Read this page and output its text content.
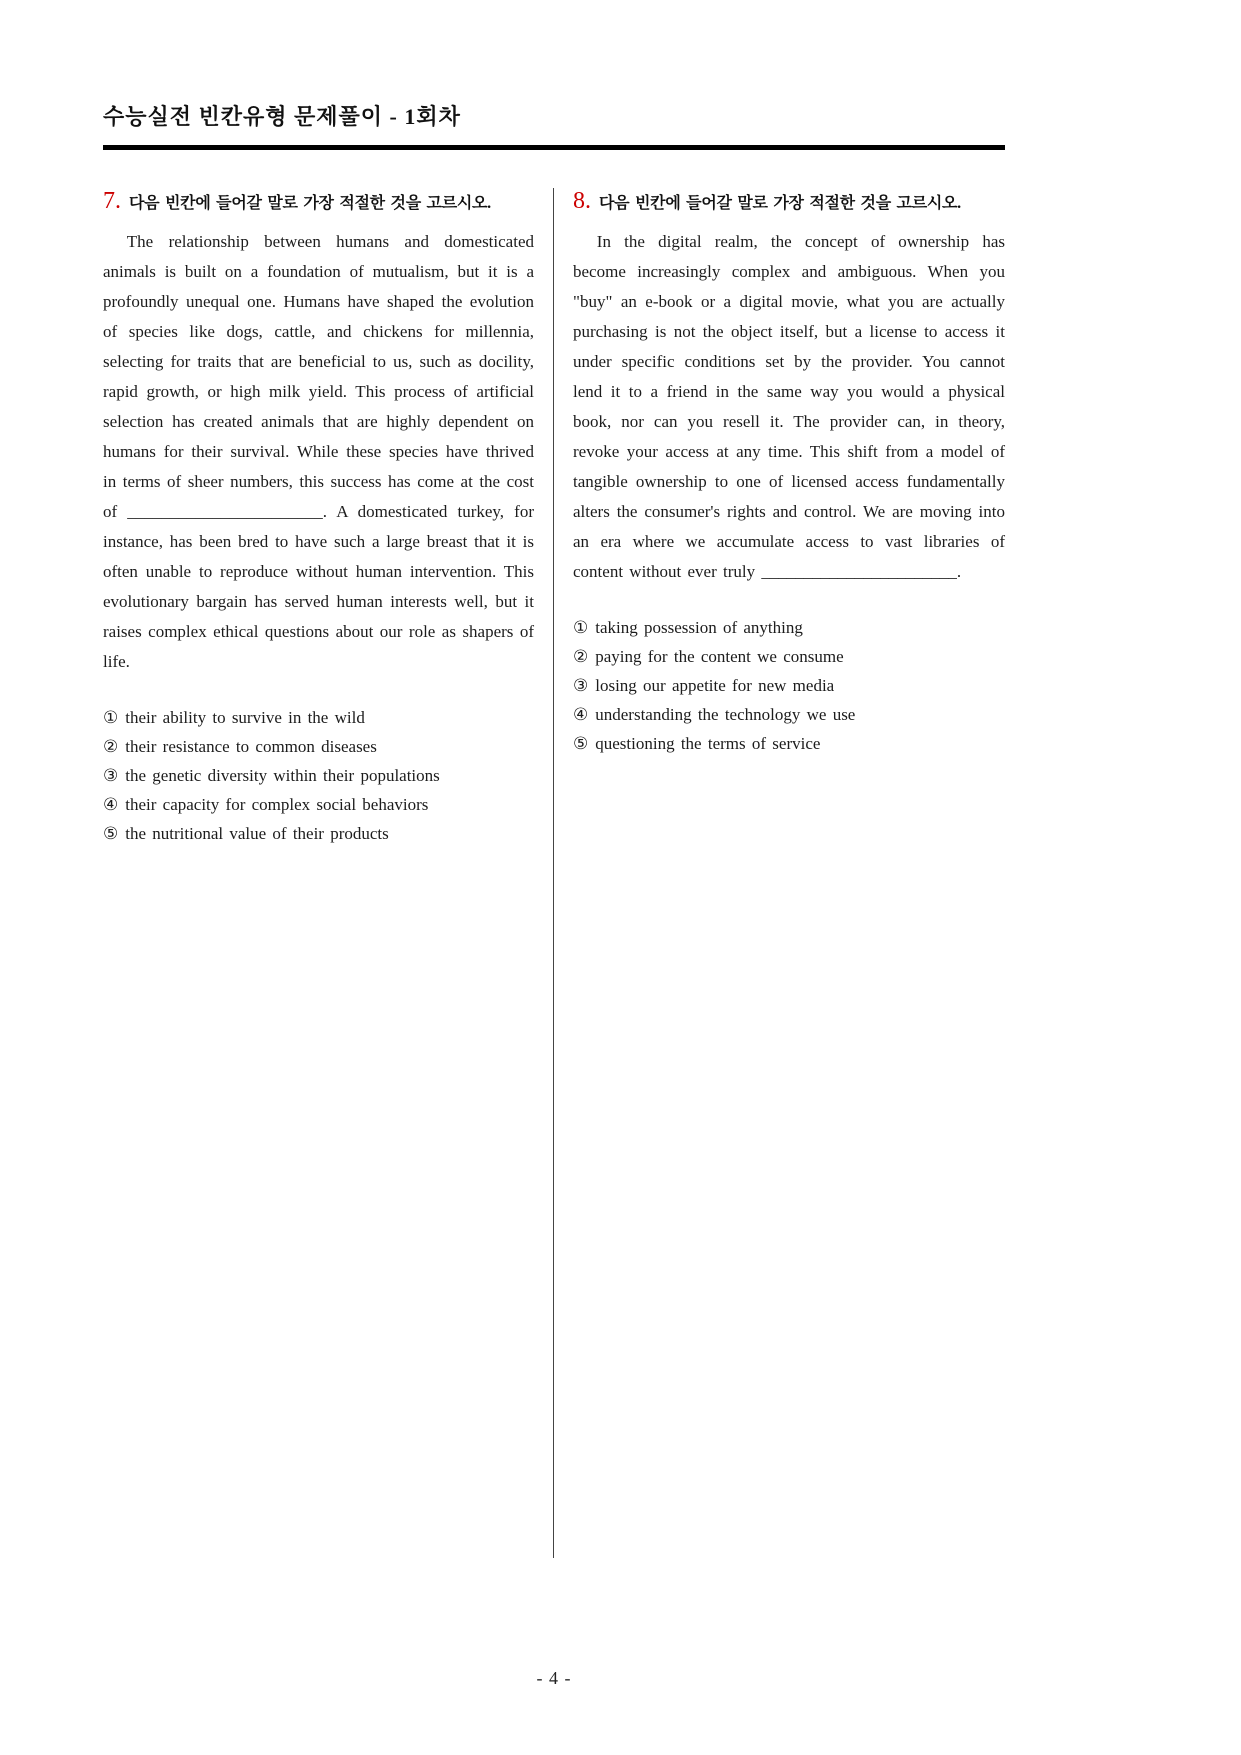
수능실전 빈칸유형 문제풀이 - 1회차
7. 다음 빈칸에 들어갈 말로 가장 적절한 것을 고르시오.

The relationship between humans and domesticated animals is built on a foundation of mutualism, but it is a profoundly unequal one. Humans have shaped the evolution of species like dogs, cattle, and chickens for millennia, selecting for traits that are beneficial to us, such as docility, rapid growth, or high milk yield. This process of artificial selection has created animals that are highly dependent on humans for their survival. While these species have thrived in terms of sheer numbers, this success has come at the cost of _______________________. A domesticated turkey, for instance, has been bred to have such a large breast that it is often unable to reproduce without human intervention. This evolutionary bargain has served human interests well, but it raises complex ethical questions about our role as shapers of life.

① their ability to survive in the wild
② their resistance to common diseases
③ the genetic diversity within their populations
④ their capacity for complex social behaviors
⑤ the nutritional value of their products
8. 다음 빈칸에 들어갈 말로 가장 적절한 것을 고르시오.

In the digital realm, the concept of ownership has become increasingly complex and ambiguous. When you "buy" an e-book or a digital movie, what you are actually purchasing is not the object itself, but a license to access it under specific conditions set by the provider. You cannot lend it to a friend in the same way you would a physical book, nor can you resell it. The provider can, in theory, revoke your access at any time. This shift from a model of tangible ownership to one of licensed access fundamentally alters the consumer's rights and control. We are moving into an era where we accumulate access to vast libraries of content without ever truly _______________________.

① taking possession of anything
② paying for the content we consume
③ losing our appetite for new media
④ understanding the technology we use
⑤ questioning the terms of service
- 4 -
